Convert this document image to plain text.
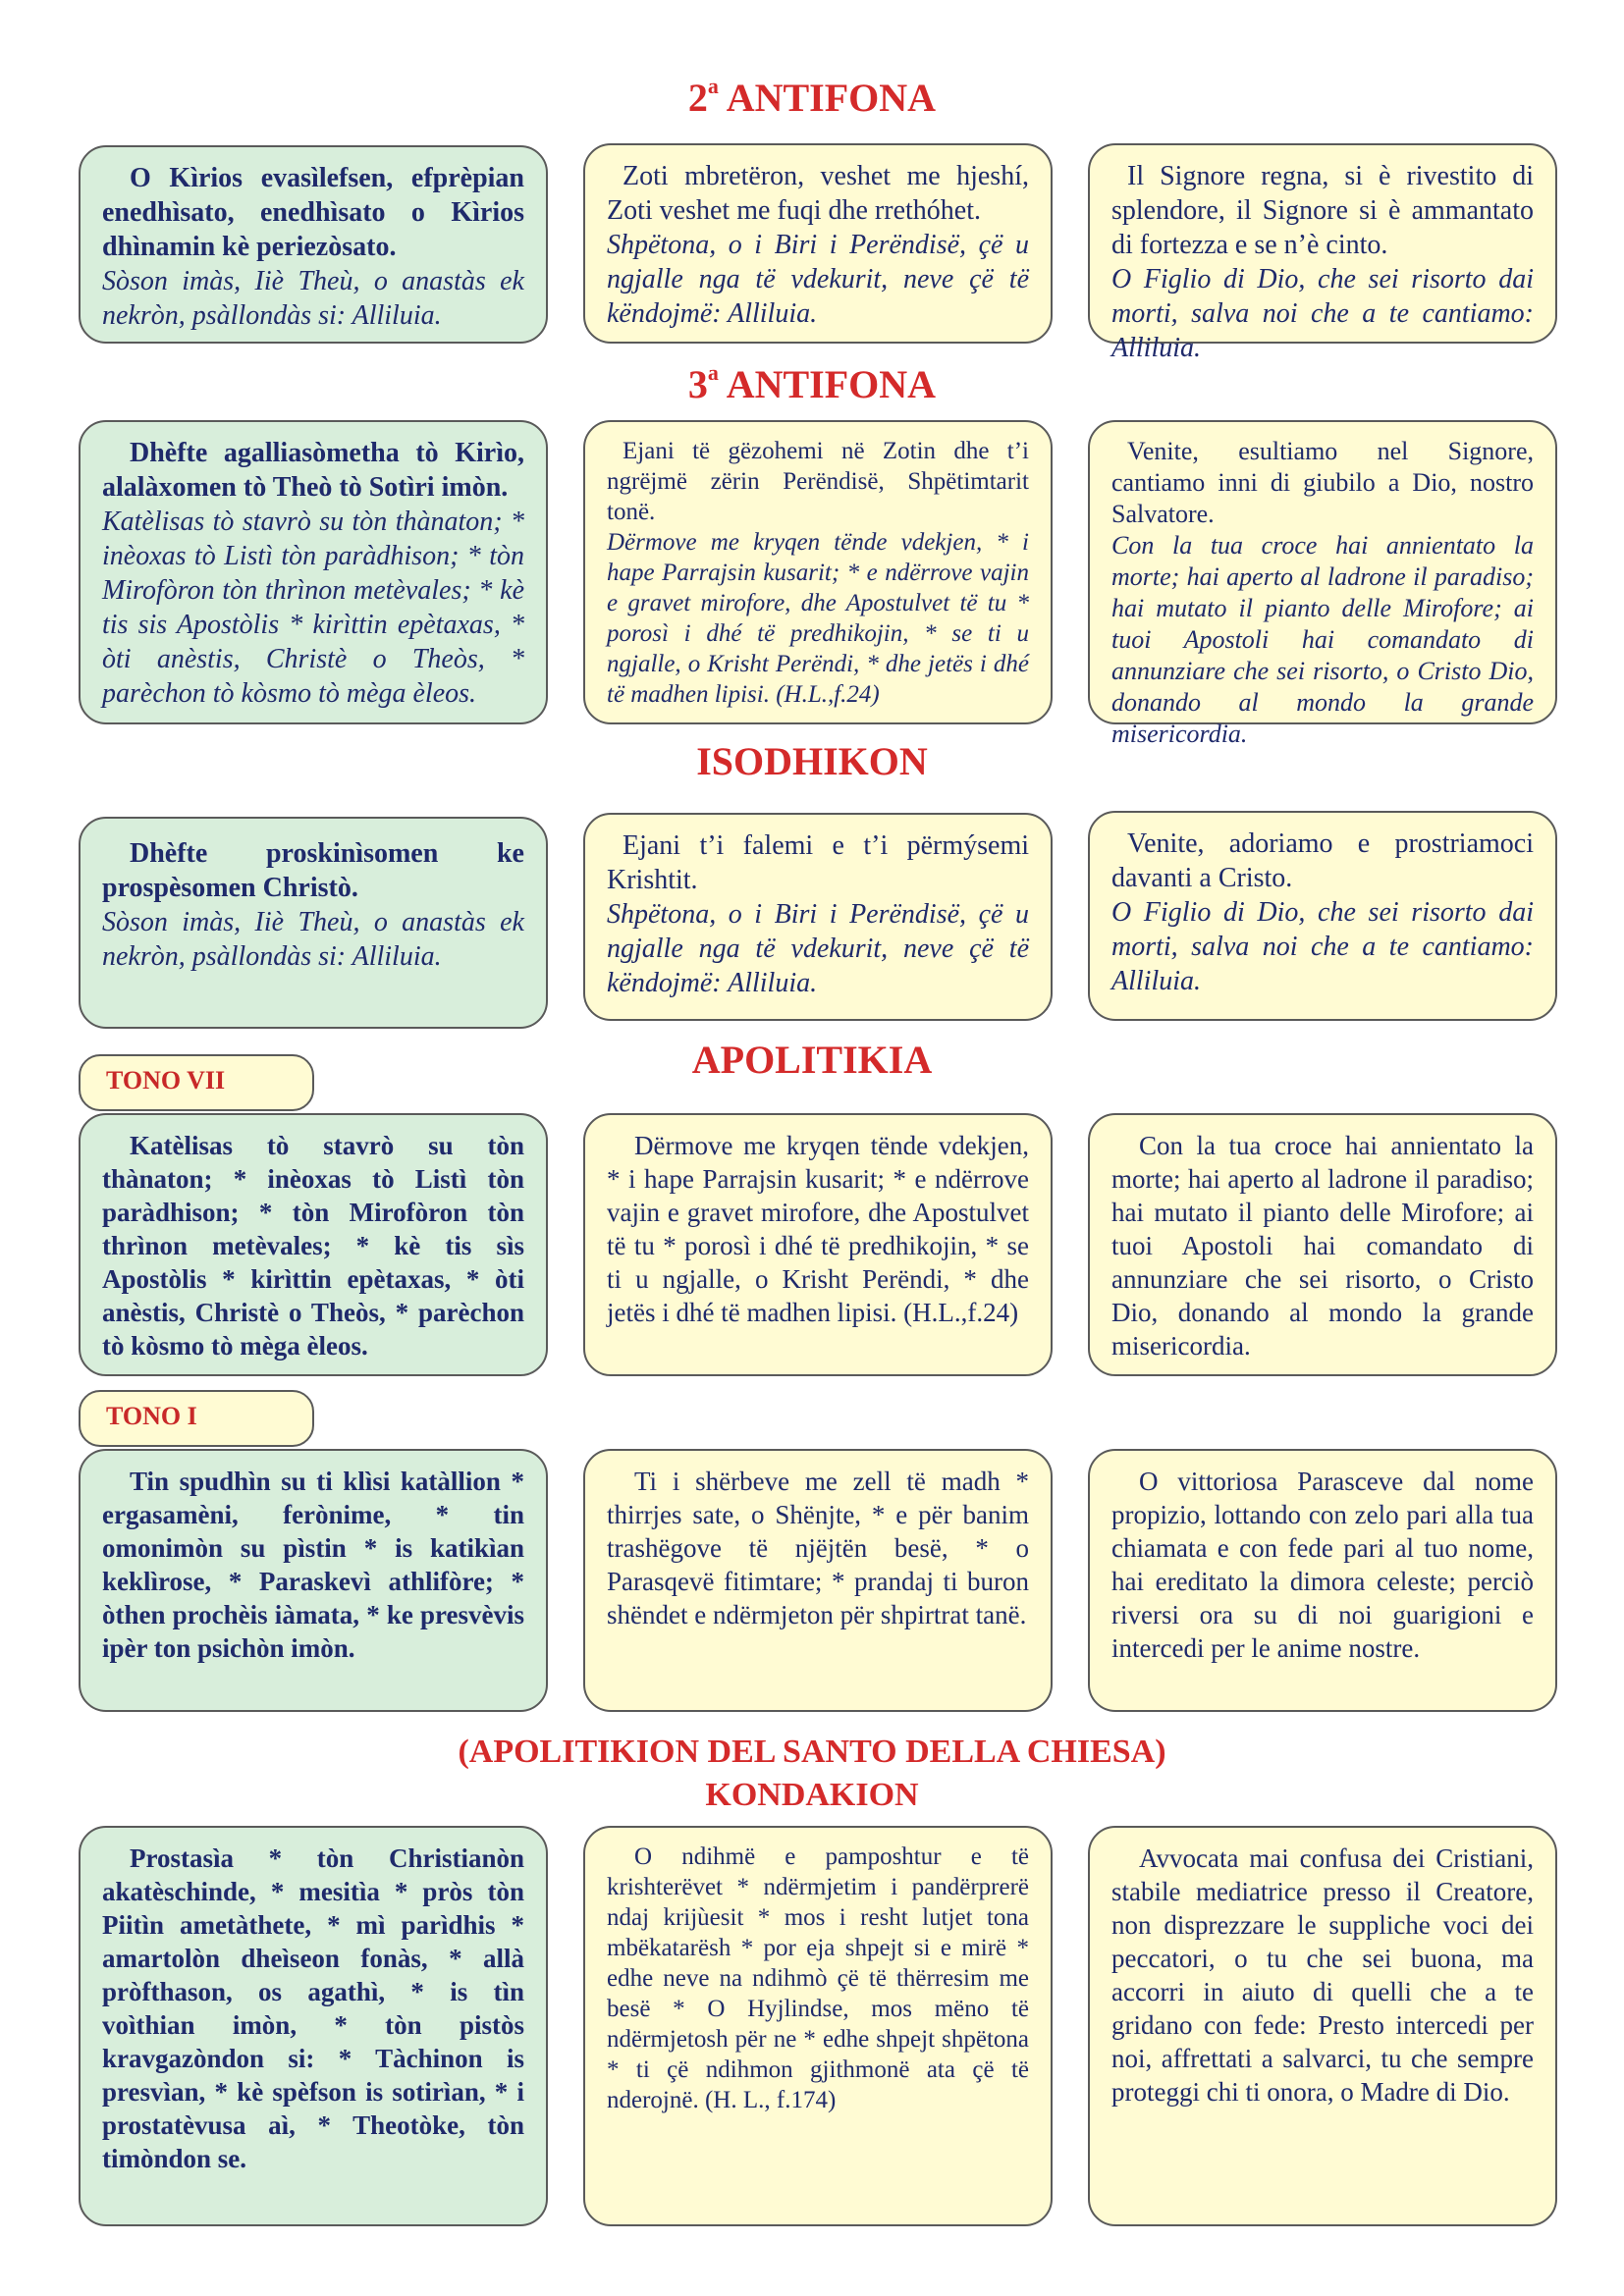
2$^a$ ANTIFONA
O Kìrios evasìlefsen, efprèpian enedhìsato, enedhìsato o Kìrios dhìnamin kè periezòsato.
Sòson imàs, Iiè Theù, o anastàs ek nekròn, psàllondàs si: Alliluia.
Zoti mbretëron, veshet me hjeshí, Zoti veshet me fuqi dhe rrethóhet.
Shpëtona, o i Biri i Perëndisë, çë u ngjalle nga të vdekurit, neve çë të këndojmë: Alliluia.
Il Signore regna, si è rivestito di splendore, il Signore si è ammantato di fortezza e se n’è cinto.
O Figlio di Dio, che sei risorto dai morti, salva noi che a te cantiamo: Alliluia.
3$^a$ ANTIFONA
Dhèfte agalliasòmetha tò Kirìo, alalàxomen tò Theò tò Sotìri imòn.
Katèlisas tò stavrò su tòn thànaton; * inèoxas tò Listì tòn paràdhison; * tòn Mirofòron tòn thrìnon metèvales; * kè tis sis Apostòlis * kirìttin epètaxas, * òti anèstis, Christè o Theòs, * parèchon tò kòsmo tò mèga èleos.
Ejani të gëzohemi në Zotin dhe t’i ngrëjmë zërin Perëndisë, Shpëtimtarit tonë.
Dërmove me kryqen tënde vdekjen, * i hape Parrajsin kusarit; * e ndërrove vajin e gravet mirofore, dhe Apostulvet të tu * porosì i dhé të predhikojin, * se ti u ngjalle, o Krisht Perëndi, * dhe jetës i dhé të madhen lipisi. (H.L.,f.24)
Venite, esultiamo nel Signore, cantiamo inni di giubilo a Dio, nostro Salvatore.
Con la tua croce hai annientato la morte; hai aperto al ladrone il paradiso; hai mutato il pianto delle Mirofore; ai tuoi Apostoli hai comandato di annunziare che sei risorto, o Cristo Dio, donando al mondo la grande misericordia.
ISODHIKON
Dhèfte proskinìsomen ke prospèsomen Christò.
Sòson imàs, Iiè Theù, o anastàs ek nekròn, psàllondàs si: Alliluia.
Ejani t’i falemi e t’i përmýsemi Krishtit.
Shpëtona, o i Biri i Perëndisë, çë u ngjalle nga të vdekurit, neve çë të këndojmë: Alliluia.
Venite, adoriamo e prostriamoci davanti a Cristo.
O Figlio di Dio, che sei risorto dai morti, salva noi che a te cantiamo: Alliluia.
APOLITIKIA
TONO VII
Katèlisas tò stavrò su tòn thànaton; * inèoxas tò Listì tòn paràdhison; * tòn Mirofòron tòn thrìnon metèvales; * kè tis sìs Apostòlis * kirìttin epètaxas, * òti anèstis, Christè o Theòs, * parèchon tò kòsmo tò mèga èleos.

Dërmove me kryqen tënde vdekjen, * i hape Parrajsin kusarit; * e ndërrove vajin e gravet mirofore, dhe Apostulvet të tu * porosì i dhé të predhikojin, * se ti u ngjalle, o Krisht Perëndi, * dhe jetës i dhé të madhen lipisi. (H.L.,f.24)

Con la tua croce hai annientato la morte; hai aperto al ladrone il paradiso; hai mutato il pianto delle Mirofore; ai tuoi Apostoli hai comandato di annunziare che sei risorto, o Cristo Dio, donando al mondo la grande misericordia.

TONO I
Tin spudhìn su ti klìsi katàllion * ergasamèni, ferònime, * tin omonimòn su pìstin * is katikìan keklìrose, * Paraskevì athlifòre; * òthen prochèis iàmata, * ke presvèvis ipèr ton psichòn imòn.

Ti i shërbeve me zell të madh * thirrjes sate, o Shënjte, * e për banim trashëgove të njëjtën besë, * o Parasqevë fitimtare; * prandaj ti buron shëndet e ndërmjeton për shpirtrat tanë.

O vittoriosa Parasceve dal nome propizio, lottando con zelo pari alla tua chiamata e con fede pari al tuo nome, hai ereditato la dimora celeste; perciò riversi ora su di noi guarigioni e intercedi per le anime nostre.

(APOLITIKION DEL SANTO DELLA CHIESA)
KONDAKION
Prostasìa * tòn Christianòn akatèschinde, * mesitìa * pròs tòn Piitìn ametàthete, * mì parìdhis * amartolòn dheìseon fonàs, * allà pròfthason, os agathì, * is tìn voìthian imòn, * tòn pistòs kravgazòndon si: * Tàchinon is presvìan, * kè spèfson is sotirìan, * i prostatèvusa aì, * Theotòke, tòn timòndon se.

O ndihmë e pamposhtur e të krishterëvet * ndërmjetim i pandërprerë ndaj krijùesit * mos i resht lutjet tona mbëkatarësh * por eja shpejt si e mirë * edhe neve na ndihmò çë të thërresim me besë * O Hyjlindse, mos mëno të ndërmjetosh për ne * edhe shpejt shpëtona * ti çë ndihmon gjithmonë ata çë të nderojnë. (H. L., f.174)

Avvocata mai confusa dei Cristiani, stabile mediatrice presso il Creatore, non disprezzare le suppliche voci dei peccatori, o tu che sei buona, ma accorri in aiuto di quelli che a te gridano con fede: Presto intercedi per noi, affrettati a salvarci, tu che sempre proteggi chi ti onora, o Madre di Dio.
